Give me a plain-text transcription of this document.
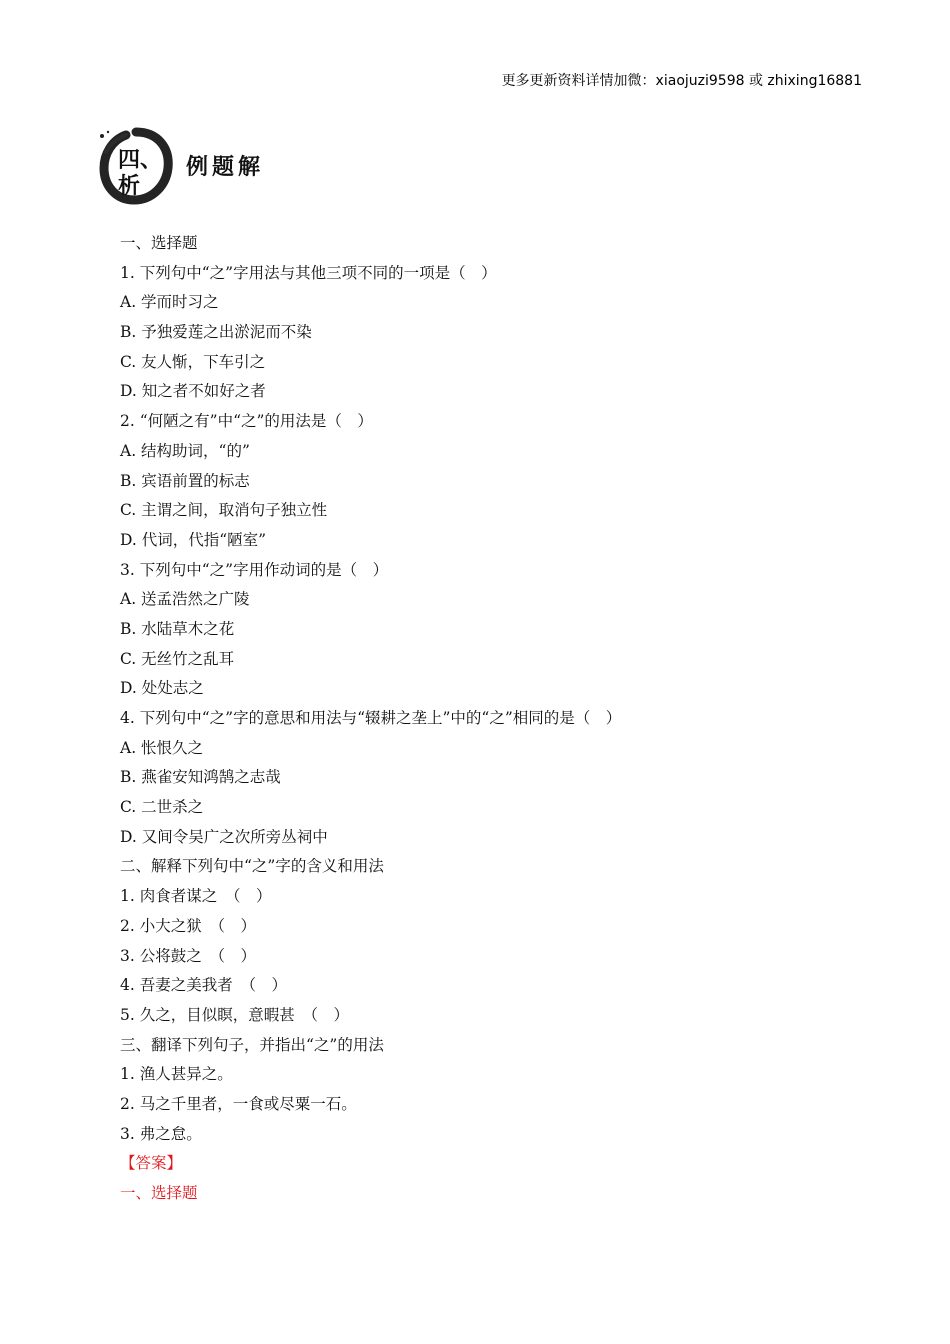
更多更新资料详情加微：xiaojuzi9598 或 zhixing16881
四、
析
例题解
一、选择题
1. 下列句中“之”字用法与其他三项不同的一项是（　）
A. 学而时习之
B. 予独爱莲之出淤泥而不染
C. 友人惭，下车引之
D. 知之者不如好之者
2. “何陋之有”中“之”的用法是（　）
A. 结构助词，“的”
B. 宾语前置的标志
C. 主谓之间，取消句子独立性
D. 代词，代指“陋室”
3. 下列句中“之”字用作动词的是（　）
A. 送孟浩然之广陵
B. 水陆草木之花
C. 无丝竹之乱耳
D. 处处志之
4. 下列句中“之”字的意思和用法与“辍耕之垄上”中的“之”相同的是（　）
A. 怅恨久之
B. 燕雀安知鸿鹄之志哉
C. 二世杀之
D. 又间令吴广之次所旁丛祠中
二、解释下列句中“之”字的含义和用法
1. 肉食者谋之　（　）
2. 小大之狱　（　）
3. 公将鼓之　（　）
4. 吾妻之美我者　（　）
5. 久之，目似瞑，意暇甚　（　）
三、翻译下列句子，并指出“之”的用法
1. 渔人甚异之。
2. 马之千里者，一食或尽粟一石。
3. 弗之怠。
【答案】
一、选择题
